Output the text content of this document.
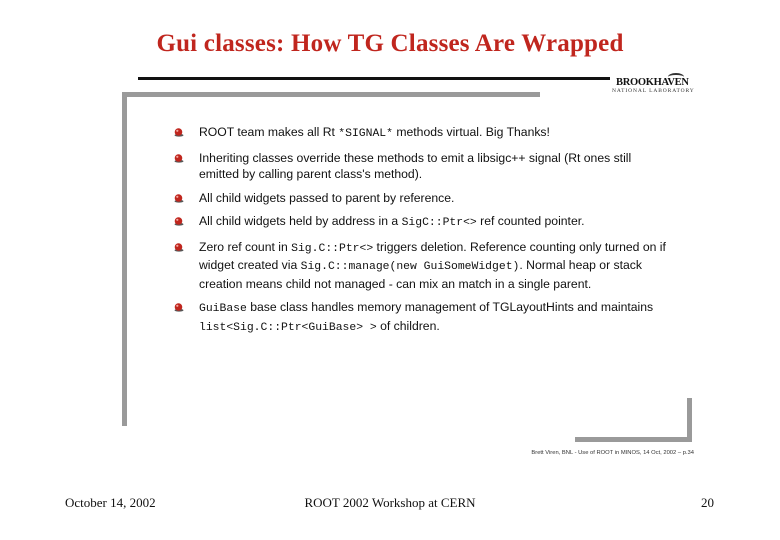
Gui classes: How TG Classes Are Wrapped
BROOKHAVEN
NATIONAL LABORATORY
ROOT team makes all Rt *SIGNAL* methods virtual. Big Thanks!
Inheriting classes override these methods to emit a libsigc++ signal (Rt ones still emitted by calling parent class's method).
All child widgets passed to parent by reference.
All child widgets held by address in a SigC::Ptr<> ref counted pointer.
Zero ref count in Sig.C::Ptr<> triggers deletion. Reference counting only turned on if widget created via Sig.C::manage(new GuiSomeWidget). Normal heap or stack creation means child not managed - can mix an match in a single parent.
GuiBase base class handles memory management of TGLayoutHints and maintains list<Sig.C::Ptr<GuiBase> > of children.
Brett Viren, BNL - Use of ROOT in MINOS, 14 Oct, 2002 – p.34
October 14, 2002	ROOT 2002 Workshop at CERN	20
